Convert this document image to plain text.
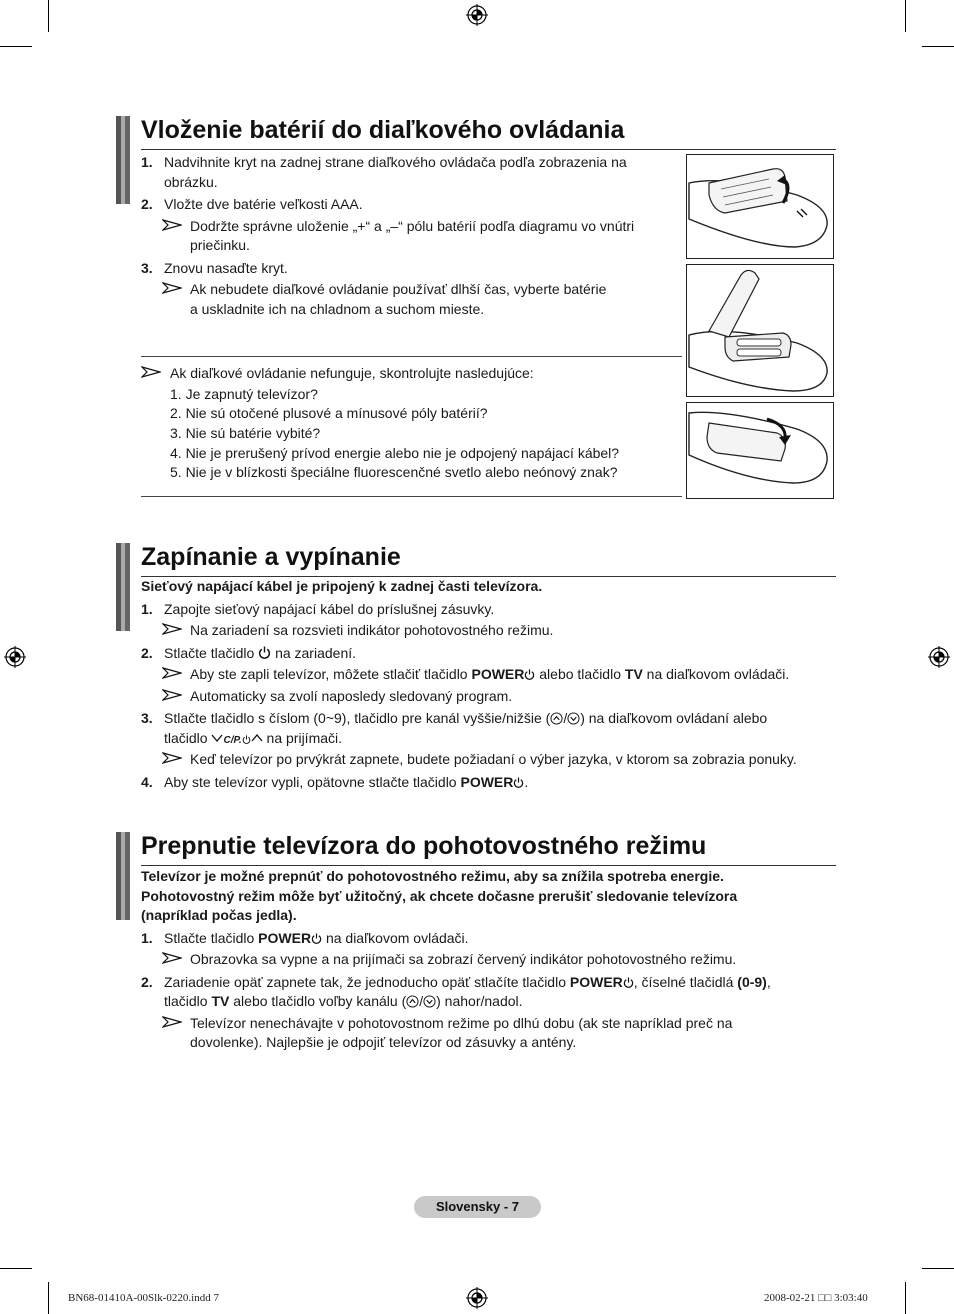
Vloženie batérií do diaľkového ovládania
1. Nadvihnite kryt na zadnej strane diaľkového ovládača podľa zobrazenia na
obrázku.
2. Vložte dve batérie veľkosti AAA.
Dodržte správne uloženie „+“ a „–“ pólu batérií podľa diagramu vo vnútri
priečinku.
3. Znovu nasaďte kryt.
Ak nebudete diaľkové ovládanie používať dlhší čas, vyberte batérie
a uskladnite ich na chladnom a suchom mieste.
Ak diaľkové ovládanie nefunguje, skontrolujte nasledujúce:
1. Je zapnutý televízor?
2. Nie sú otočené plusové a mínusové póly batérií?
3. Nie sú batérie vybité?
4. Nie je prerušený prívod energie alebo nie je odpojený napájací kábel?
5. Nie je v blízkosti špeciálne fluorescenčné svetlo alebo neónový znak?
Zapínanie a vypínanie
Sieťový napájací kábel je pripojený k zadnej časti televízora.
1. Zapojte sieťový napájací kábel do príslušnej zásuvky.
Na zariadení sa rozsvieti indikátor pohotovostného režimu.
2. Stlačte tlačidlo na zariadení.
Aby ste zapli televízor, môžete stlačiť tlačidlo POWER alebo tlačidlo TV na diaľkovom ovládači.
Automaticky sa zvolí naposledy sledovaný program.
3. Stlačte tlačidlo s číslom (0~9), tlačidlo pre kanál vyššie/nižšie ( / ) na diaľkovom ovládaní alebo
tlačidlo C/P. na prijímači.
Keď televízor po prvýkrát zapnete, budete požiadaní o výber jazyka, v ktorom sa zobrazia ponuky.
4. Aby ste televízor vypli, opätovne stlačte tlačidlo POWER .
Prepnutie televízora do pohotovostného režimu
Televízor je možné prepnúť do pohotovostného režimu, aby sa znížila spotreba energie.
Pohotovostný režim môže byť užitočný, ak chcete dočasne prerušiť sledovanie televízora
(napríklad počas jedla).
1. Stlačte tlačidlo POWER na diaľkovom ovládači.
Obrazovka sa vypne a na prijímači sa zobrazí červený indikátor pohotovostného režimu.
2. Zariadenie opäť zapnete tak, že jednoducho opäť stlačíte tlačidlo POWER , číselné tlačidlá (0-9),
tlačidlo TV alebo tlačidlo voľby kanálu ( / ) nahor/nadol.
Televízor nenechávajte v pohotovostnom režime po dlhú dobu (ak ste napríklad preč na
dovolenke). Najlepšie je odpojiť televízor od zásuvky a antény.
Slovensky - 7
BN68-01410A-00Slk-0220.indd 7	2008-02-21 □□ 3:03:40
